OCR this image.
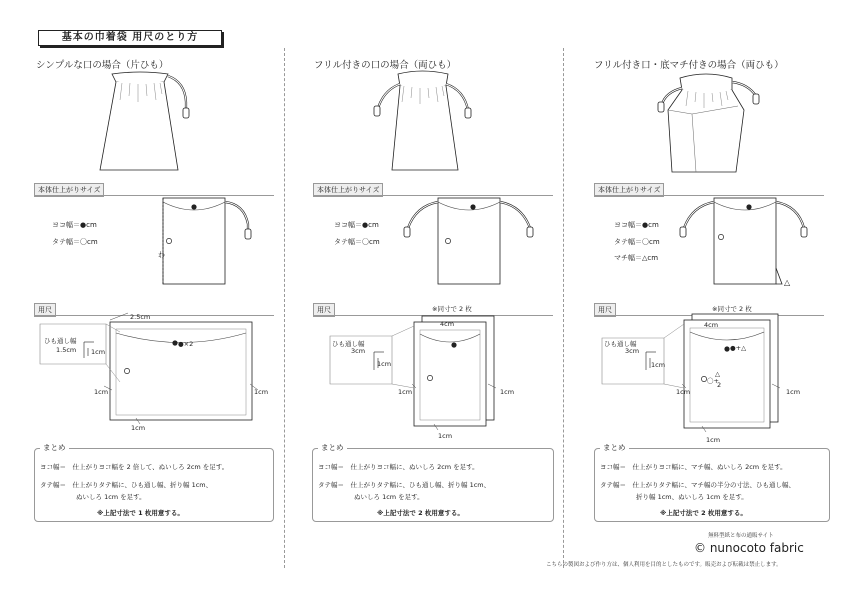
基本の巾着袋 用尺のとり方
シンプルな口の場合（片ひも）
本体仕上がりサイズ
ヨコ幅＝●cm
タテ幅＝〇cm
わ
用尺
2.5cm
ひも通し幅
1.5cm 1cm
●×2
1cm	1cm
1cm
まとめ
ヨコ幅＝　仕上がりヨコ幅を 2 倍して、ぬいしろ 2cm を足す。
タテ幅＝　仕上がりタテ幅に、ひも通し幅、折り幅 1cm、
ぬいしろ 1cm を足す。
※上記寸法で 1 枚用意する。
フリル付きの口の場合（両ひも）
本体仕上がりサイズ
ヨコ幅＝●cm
タテ幅＝〇cm
用尺	※同寸で 2 枚
4cm
ひも通し幅
3cm
1cm
1cm	1cm
1cm
まとめ
ヨコ幅＝　仕上がりヨコ幅に、ぬいしろ 2cm を足す。
タテ幅＝　仕上がりタテ幅に、ひも通し幅、折り幅 1cm、
ぬいしろ 1cm を足す。
※上記寸法で 2 枚用意する。
フリル付き口・底マチ付きの場合（両ひも）
本体仕上がりサイズ
ヨコ幅＝●cm
タテ幅＝〇cm
マチ幅＝△cm
△
用尺	※同寸で 2 枚
4cm
ひも通し幅
3cm
1cm
●+△
〇+
△
2
1cm	1cm
1cm
まとめ
ヨコ幅＝　仕上がりヨコ幅に、マチ幅、ぬいしろ 2cm を足す。
タテ幅＝　仕上がりタテ幅に、マチ幅の半分の寸法、ひも通し幅、
折り幅 1cm、ぬいしろ 1cm を足す。
※上記寸法で 2 枚用意する。
無料型紙と布の通販サイト
© nunocoto fabric
こちらの製図および作り方は、個人利用を目的としたものです。販売および転載は禁止します。
